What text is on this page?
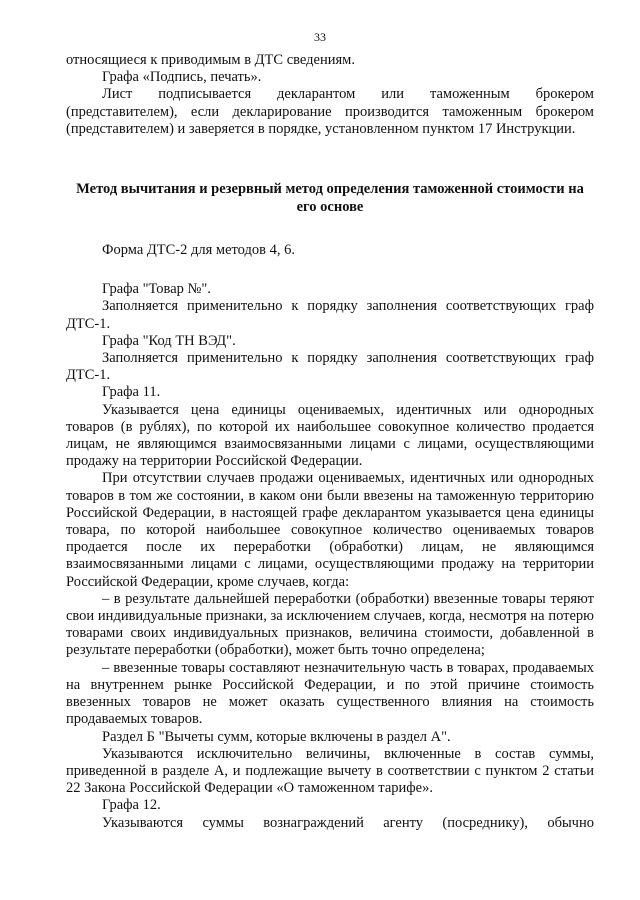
33

относящиеся к приводимым в ДТС сведениям.

Графа «Подпись, печать».

Лист подписывается декларантом или таможенным брокером (представителем), если декларирование производится таможенным брокером (представителем) и заверяется в порядке, установленном пунктом 17 Инструкции.

Метод вычитания и резервный метод определения таможенной стоимости на его основе

Форма ДТС-2 для методов 4, 6.

Графа "Товар №".

Заполняется применительно к порядку заполнения соответствующих граф ДТС-1.

Графа "Код ТН ВЭД".

Заполняется применительно к порядку заполнения соответствующих граф ДТС-1.

Графа 11.

Указывается цена единицы оцениваемых, идентичных или однородных товаров (в рублях), по которой их наибольшее совокупное количество продается лицам, не являющимся взаимосвязанными лицами с лицами, осуществляющими продажу на территории Российской Федерации.

При отсутствии случаев продажи оцениваемых, идентичных или однородных товаров в том же состоянии, в каком они были ввезены на таможенную территорию Российской Федерации, в настоящей графе декларантом указывается цена единицы товара, по которой наибольшее совокупное количество оцениваемых товаров продается после их переработки (обработки) лицам, не являющимся взаимосвязанными лицами с лицами, осуществляющими продажу на территории Российской Федерации, кроме случаев, когда:

– в результате дальнейшей переработки (обработки) ввезенные товары теряют свои индивидуальные признаки, за исключением случаев, когда, несмотря на потерю товарами своих индивидуальных признаков, величина стоимости, добавленной в результате переработки (обработки), может быть точно определена;

– ввезенные товары составляют незначительную часть в товарах, продаваемых на внутреннем рынке Российской Федерации, и по этой причине стоимость ввезенных товаров не может оказать существенного влияния на стоимость продаваемых товаров.

Раздел Б "Вычеты сумм, которые включены в раздел А".

Указываются исключительно величины, включенные в состав суммы, приведенной в разделе А, и подлежащие вычету в соответствии с пунктом 2 статьи 22 Закона Российской Федерации «О таможенном тарифе».

Графа 12.

Указываются суммы вознаграждений агенту (посреднику), обычно
